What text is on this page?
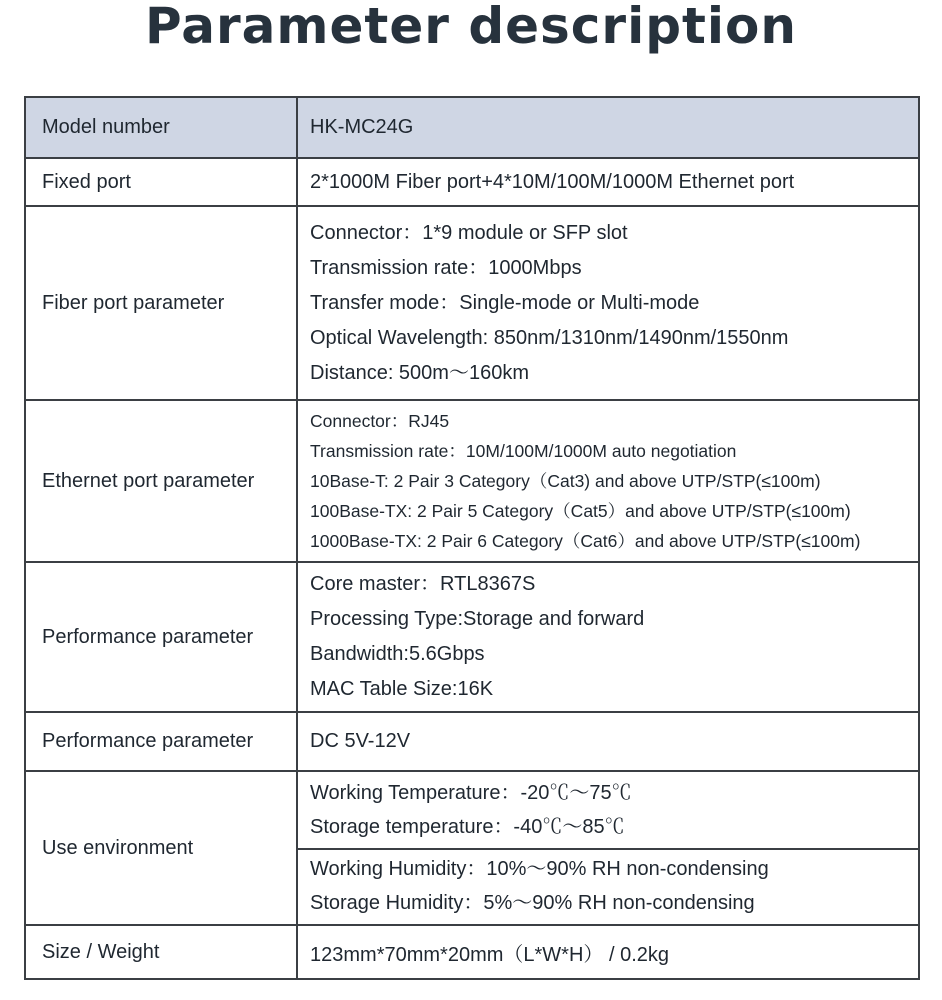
Parameter description
Model number	HK-MC24G
Fixed port	2*1000M Fiber port+4*10M/100M/1000M Ethernet port
Fiber port parameter	Connector：1*9 module or SFP slot
Transmission rate：1000Mbps
Transfer mode：Single-mode or Multi-mode
Optical Wavelength: 850nm/1310nm/1490nm/1550nm
Distance: 500m～160km

Ethernet port parameter	Connector：RJ45
Transmission rate：10M/100M/1000M auto negotiation
10Base-T: 2 Pair 3 Category（Cat3) and above UTP/STP(≤100m)
100Base-TX: 2 Pair 5 Category（Cat5）and above UTP/STP(≤100m)
1000Base-TX: 2 Pair 6 Category（Cat6）and above UTP/STP(≤100m)

Performance parameter	Core master：RTL8367S
Processing Type:Storage and forward
Bandwidth:5.6Gbps
MAC Table Size:16K

Performance parameter	DC 5V-12V
Use environment	Working Temperature：-20℃～75℃
Storage temperature：-40℃～85℃
Working Humidity：10%～90% RH non-condensing
Storage Humidity：5%～90% RH non-condensing

Size / Weight	123mm*70mm*20mm（L*W*H） / 0.2kg
